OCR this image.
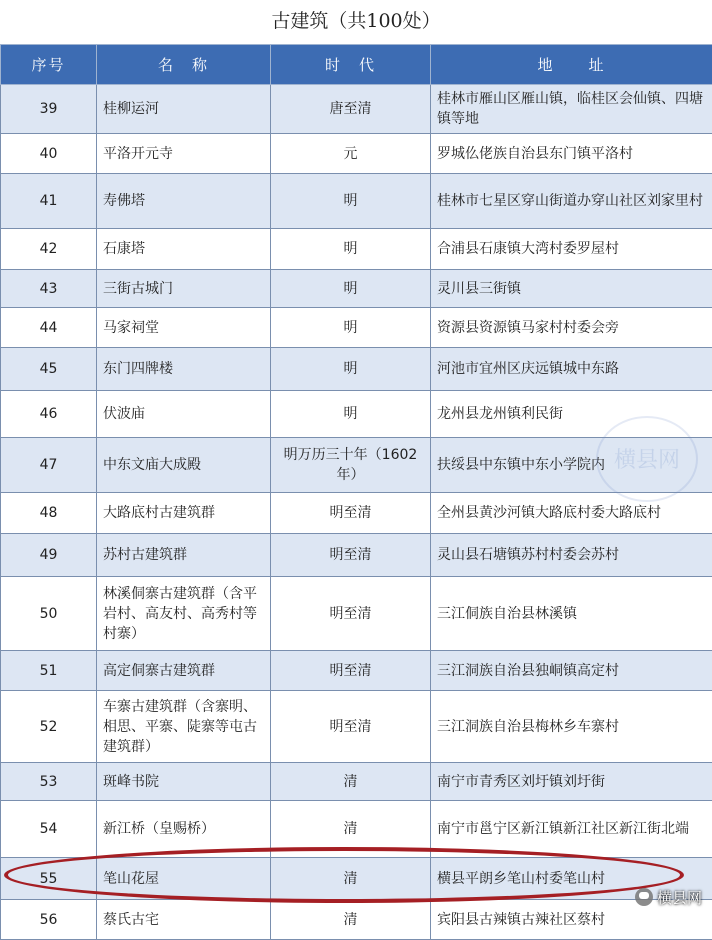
古建筑（共100处）
序号	名　称	时　代	地　　址
39	桂柳运河	唐至清	桂林市雁山区雁山镇，临桂区会仙镇、四塘镇等地
40	平洛开元寺	元	罗城仫佬族自治县东门镇平洛村
41	寿佛塔	明	桂林市七星区穿山街道办穿山社区刘家里村
42	石康塔	明	合浦县石康镇大湾村委罗屋村
43	三街古城门	明	灵川县三街镇
44	马家祠堂	明	资源县资源镇马家村村委会旁
45	东门四牌楼	明	河池市宜州区庆远镇城中东路
46	伏波庙	明	龙州县龙州镇利民街
47	中东文庙大成殿	明万历三十年（1602年）	扶绥县中东镇中东小学院内
48	大路底村古建筑群	明至清	全州县黄沙河镇大路底村委大路底村
49	苏村古建筑群	明至清	灵山县石塘镇苏村村委会苏村
50	林溪侗寨古建筑群（含平岩村、高友村、高秀村等村寨）	明至清	三江侗族自治县林溪镇
51	高定侗寨古建筑群	明至清	三江洞族自治县独峒镇高定村
52	车寨古建筑群（含寨明、相思、平寨、陡寨等屯古建筑群）	明至清	三江洞族自治县梅林乡车寨村
53	斑峰书院	清	南宁市青秀区刘圩镇刘圩街
54	新江桥（皇赐桥）	清	南宁市邕宁区新江镇新江社区新江街北端
55	笔山花屋	清	横县平朗乡笔山村委笔山村
56	蔡氏古宅	清	宾阳县古辣镇古辣社区蔡村
横县网
横县网
